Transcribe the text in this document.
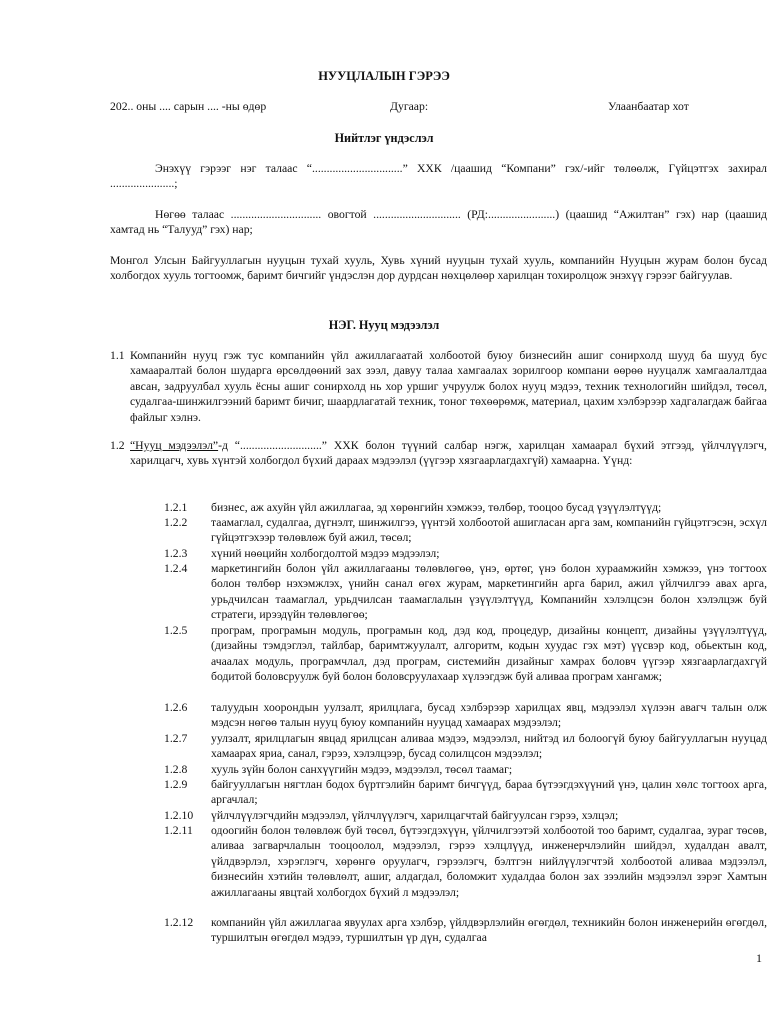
НУУЦЛАЛЫН ГЭРЭЭ
202.. оны .... сарын .... -ны өдөр	Дугаар:	Улаанбаатар хот
Нийтлэг үндэслэл
Энэхүү гэрээг нэг талаас “...............................” ХХК /цаашид “Компани” гэх/-ийг төлөөлж, Гүйцэтгэх захирал ......................;
Нөгөө талаас ............................... овогтой .............................. (РД:.......................) (цаашид “Ажилтан” гэх) нар (цаашид хамтад нь “Талууд” гэх) нар;
Монгол Улсын Байгууллагын нууцын тухай хууль, Хувь хүний нууцын тухай хууль, компанийн Нууцын журам болон бусад холбогдох хууль тогтоомж, баримт бичгийг үндэслэн дор дурдсан нөхцөлөөр харилцан тохиролцож энэхүү гэрээг байгуулав.
НЭГ. Нууц мэдээлэл
1.1 Компанийн нууц гэж тус компанийн үйл ажиллагаатай холбоотой буюу бизнесийн ашиг сонирхолд шууд ба шууд бус хамааралтай болон шударга өрсөлдөөний зах зээл, давуу талаа хамгаалах зорилгоор компани өөрөө нууцалж хамгаалалтдаа авсан, задруулбал хууль ёсны ашиг сонирхолд нь хор уршиг учруулж болох нууц мэдээ, техник технологийн шийдэл, төсөл, судалгаа-шинжилгээний баримт бичиг, шаардлагатай техник, тоног төхөөрөмж, материал, цахим хэлбэрээр хадгалагдаж байгаа файлыг хэлнэ.
1.2 “Нууц мэдээлэл”-д “............................” ХХК болон түүний салбар нэгж, харилцан хамаарал бүхий этгээд, үйлчлүүлэгч, харилцагч, хувь хүнтэй холбогдол бүхий дараах мэдээлэл (үүгээр хязгаарлагдахгүй) хамаарна. Үүнд:
1.2.1 бизнес, аж ахуйн үйл ажиллагаа, эд хөрөнгийн хэмжээ, төлбөр, тооцоо бусад үзүүлэлтүүд;
1.2.2 таамаглал, судалгаа, дүгнэлт, шинжилгээ, үүнтэй холбоотой ашигласан арга зам, компанийн гүйцэтгэсэн, эсхүл гүйцэтгэхээр төлөвлөж буй ажил, төсөл;
1.2.3 хүний нөөцийн холбогдолтой мэдээ мэдээлэл;
1.2.4 маркетингийн болон үйл ажиллагааны төлөвлөгөө, үнэ, өртөг, үнэ болон хураамжийн хэмжээ, үнэ тогтоох болон төлбөр нэхэмжлэх, үнийн санал өгөх журам, маркетингийн арга барил, ажил үйлчилгээ авах арга, урьдчилсан таамаглал, урьдчилсан таамаглалын үзүүлэлтүүд, Компанийн хэлэлцсэн болон хэлэлцэж буй стратеги, ирээдүйн төлөвлөгөө;
1.2.5 програм, програмын модуль, програмын код, дэд код, процедур, дизайны концепт, дизайны үзүүлэлтүүд, (дизайны тэмдэглэл, тайлбар, баримтжуулалт, алгоритм, кодын хуудас гэх мэт) үүсвэр код, обьектын код, ачаалах модуль, програмчлал, дэд програм, системийн дизайныг хамрах боловч үүгээр хязгаарлагдахгүй бодитой боловсруулж буй болон боловсруулахаар хүлээгдэж буй аливаа програм хангамж;
1.2.6 талуудын хоорондын уулзалт, ярилцлага, бусад хэлбэрээр харилцах явц, мэдээлэл хүлээн авагч талын олж мэдсэн нөгөө талын нууц буюу компанийн нууцад хамаарах мэдээлэл;
1.2.7 уулзалт, ярилцлагын явцад ярилцсан аливаа мэдээ, мэдээлэл, нийтэд ил болоогүй буюу байгууллагын нууцад хамаарах яриа, санал, гэрээ, хэлэлцээр, бусад солилцсон мэдээлэл;
1.2.8 хууль зүйн болон санхүүгийн мэдээ, мэдээлэл, төсөл таамаг;
1.2.9 байгууллагын нягтлан бодох бүртгэлийн баримт бичгүүд, бараа бүтээгдэхүүний үнэ, цалин хөлс тогтоох арга, аргачлал;
1.2.10 үйлчлүүлэгчдийн мэдээлэл, үйлчлүүлэгч, харилцагчтай байгуулсан гэрээ, хэлцэл;
1.2.11 одоогийн болон төлөвлөж буй төсөл, бүтээгдэхүүн, үйлчилгээтэй холбоотой тоо баримт, судалгаа, зураг төсөв, аливаа загварчлалын тооцоолол, мэдээлэл, гэрээ хэлцлүүд, инженерчлэлийн шийдэл, худалдан авалт, үйлдвэрлэл, хэрэглэгч, хөрөнгө оруулагч, гэрээлэгч, бэлтгэн нийлүүлэгчтэй холбоотой аливаа мэдээлэл, бизнесийн хэтийн төлөвлөлт, ашиг, алдагдал, боломжит худалдаа болон зах зээлийн мэдээлэл зэрэг Хамтын ажиллагааны явцтай холбогдох бүхий л мэдээлэл;
1.2.12 компанийн үйл ажиллагаа явуулах арга хэлбэр, үйлдвэрлэлийн өгөгдөл, техникийн болон инженерийн өгөгдөл, туршилтын өгөгдөл мэдээ, туршилтын үр дүн, судалгаа
1
